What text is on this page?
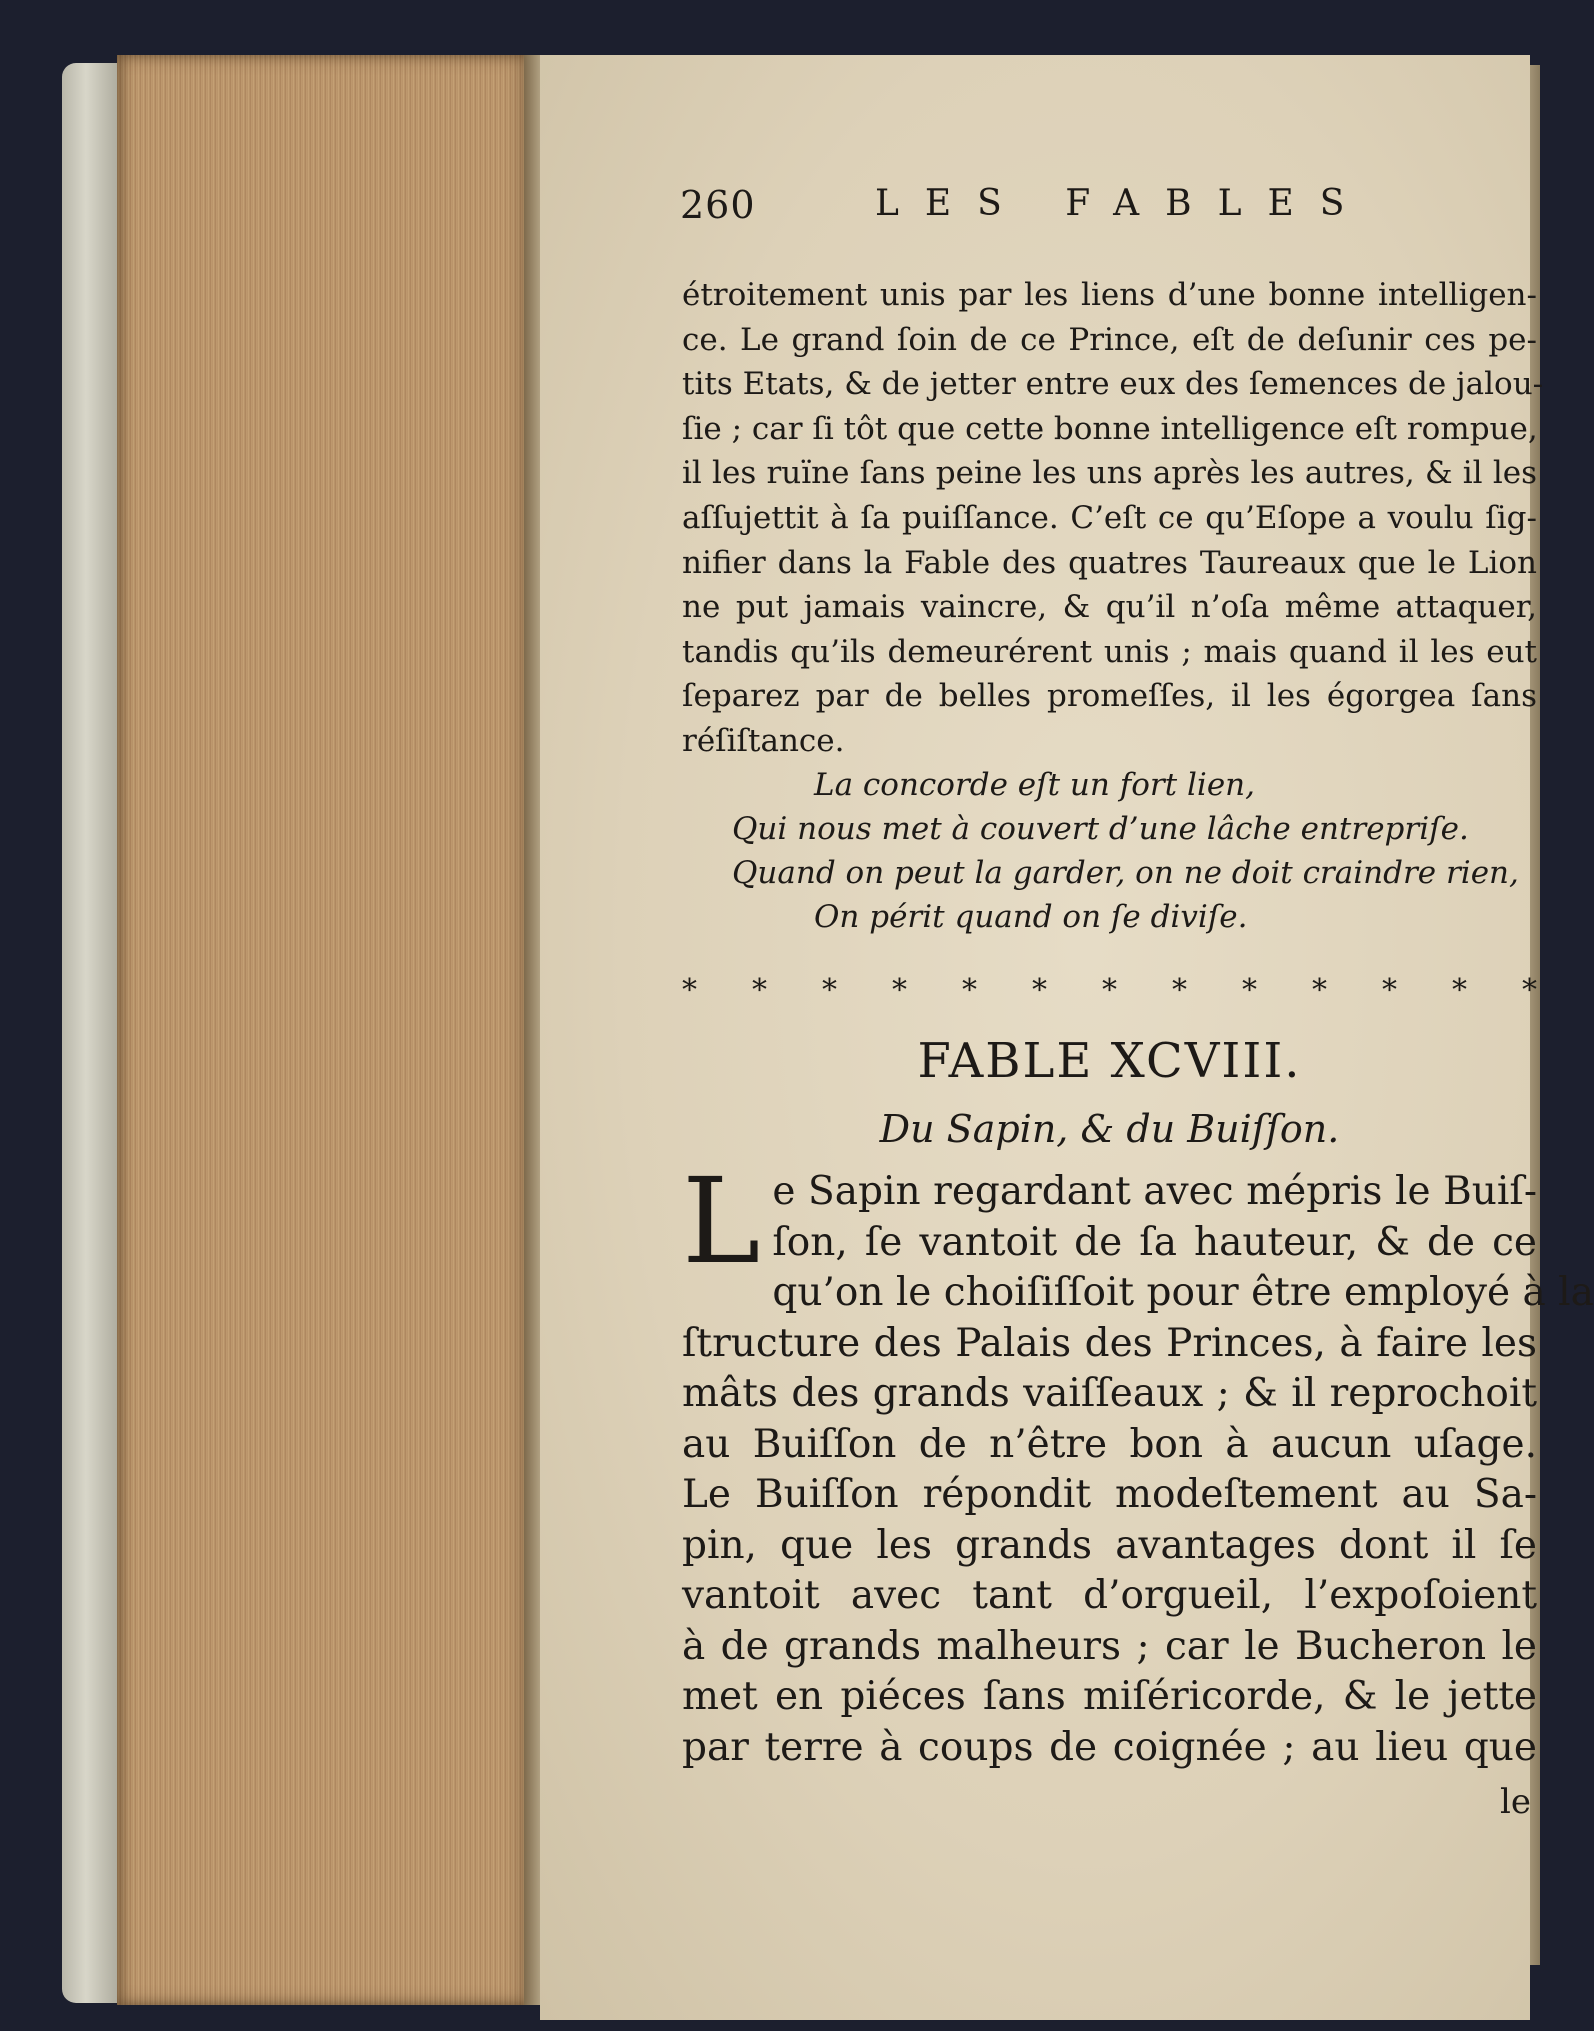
260	LES FABLES
étroitement unis par les liens d’une bonne intelligen-
ce. Le grand ſoin de ce Prince, eſt de deſunir ces pe-
tits Etats, & de jetter entre eux des ſemences de jalou-
ſie ; car ſi tôt que cette bonne intelligence eſt rompue,
il les ruïne ſans peine les uns après les autres, & il les
aſſujettit à ſa puiſſance. C’eſt ce qu’Eſope a voulu ſig-
nifier dans la Fable des quatres Taureaux que le Lion
ne put jamais vaincre, & qu’il n’oſa même attaquer,
tandis qu’ils demeurérent unis ; mais quand il les eut
ſeparez par de belles promeſſes, il les égorgea ſans
réſiſtance.
La concorde eſt un fort lien,
Qui nous met à couvert d’une lâche entrepriſe.
Quand on peut la garder, on ne doit craindre rien,
On périt quand on ſe diviſe.
* * * * * * * * * * * * *
FABLE XCVIII.
Du Sapin, & du Buiſſon.
L e Sapin regardant avec mépris le Buiſ-
ſon, ſe vantoit de ſa hauteur, & de ce
qu’on le choiſiſſoit pour être employé à la
ſtructure des Palais des Princes, à faire les
mâts des grands vaiſſeaux ; & il reprochoit
au Buiſſon de n’être bon à aucun uſage.
Le Buiſſon répondit modeſtement au Sa-
pin, que les grands avantages dont il ſe
vantoit avec tant d’orgueil, l’expoſoient
à de grands malheurs ; car le Bucheron le
met en piéces ſans miſéricorde, & le jette
par terre à coups de coignée ; au lieu que
le
